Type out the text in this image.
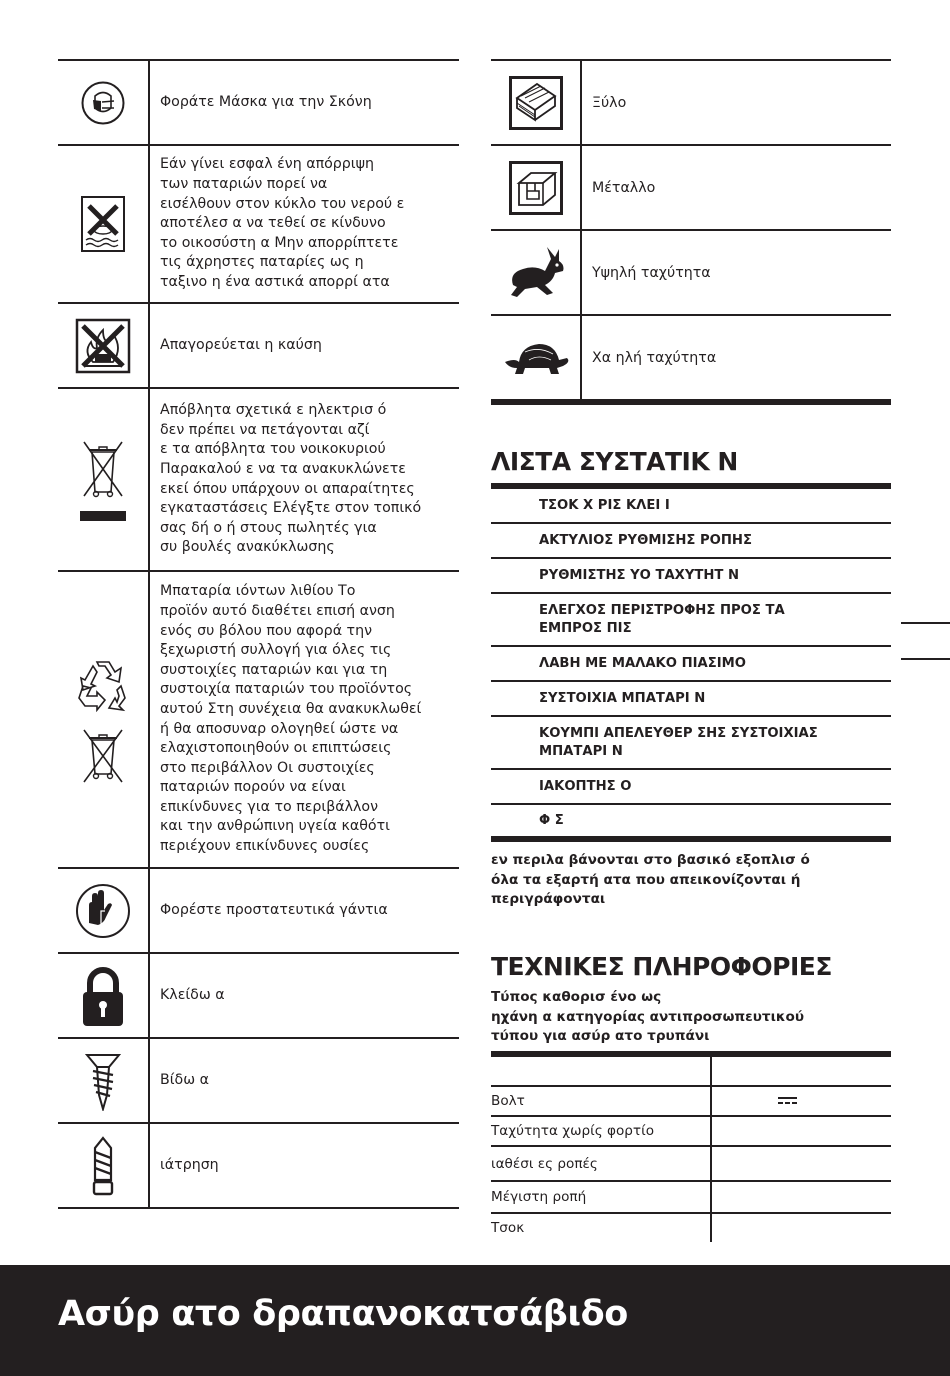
Φοράτε Μάσκα για την Σκόνη
Εάν γίνει εσφαλ ένη απόρριψη
των παταριών πορεί να
εισέλθουν στον κύκλο του νερού ε
αποτέλεσ α να τεθεί σε κίνδυνο
το οικοσύστη α Μην απορρίπτετε
τις άχρηστες παταρίες ως η
ταξινο η ένα αστικά απορρί ατα
Απαγορεύεται η καύση
Απόβλητα σχετικά ε ηλεκτρισ ό
δεν πρέπει να πετάγονται αζί
ε τα απόβλητα του νοικοκυριού
Παρακαλού ε να τα ανακυκλώνετε
εκεί όπου υπάρχουν οι απαραίτητες
εγκαταστάσεις Ελέγξτε στον τοπικό
σας δή ο ή στους πωλητές για
συ βουλές ανακύκλωσης
Μπαταρία ιόντων λιθίου Το
προϊόν αυτό διαθέτει επισή ανση
ενός συ βόλου που αφορά την
ξεχωριστή συλλογή για όλες τις
συστοιχίες παταριών και για τη
συστοιχία παταριών του προϊόντος
αυτού Στη συνέχεια θα ανακυκλωθεί
ή θα αποσυναρ ολογηθεί ώστε να
ελαχιστοποιηθούν οι επιπτώσεις
στο περιβάλλον Οι συστοιχίες
παταριών πορούν να είναι
επικίνδυνες για το περιβάλλον
και την ανθρώπινη υγεία καθότι
περιέχουν επικίνδυνες ουσίες
Φορέστε προστατευτικά γάντια
Κλείδω α
Βίδω α
ιάτρηση
Ξύλο
Μέταλλο
Υψηλή ταχύτητα
Χα ηλή ταχύτητα
ΛΙΣΤΑ ΣΥΣΤΑΤΙΚ Ν
ΤΣΟΚ Χ ΡΙΣ ΚΛΕΙ Ι
ΑΚΤΥΛΙΟΣ ΡΥΘΜΙΣΗΣ ΡΟΠΗΣ
ΡΥΘΜΙΣΤΗΣ ΥΟ ΤΑΧΥΤΗΤ Ν
ΕΛΕΓΧΟΣ ΠΕΡΙΣΤΡΟΦΗΣ ΠΡΟΣ ΤΑ
ΕΜΠΡΟΣ ΠΙΣ
ΛΑΒΗ ΜΕ ΜΑΛΑΚΟ ΠΙΑΣΙΜΟ
ΣΥΣΤΟΙΧΙΑ ΜΠΑΤΑΡΙ Ν
ΚΟΥΜΠΙ ΑΠΕΛΕΥΘΕΡ ΣΗΣ ΣΥΣΤΟΙΧΙΑΣ
ΜΠΑΤΑΡΙ Ν
ΙΑΚΟΠΤΗΣ Ο
Φ Σ
εν περιλα βάνονται στο βασικό εξοπλισ ό
όλα τα εξαρτή ατα που απεικονίζονται ή
περιγράφονται
ΤΕΧΝΙΚΕΣ ΠΛΗΡΟΦΟΡΙΕΣ
Τύπος καθορισ ένο ως
ηχάνη α κατηγορίας αντιπροσωπευτικού
τύπου για ασύρ ατο τρυπάνι
Βολτ
Ταχύτητα χωρίς φορτίο
ιαθέσι ες ροπές
Μέγιστη ροπή
Τσοκ
Ασύρ ατο δραπανοκατσάβιδο
